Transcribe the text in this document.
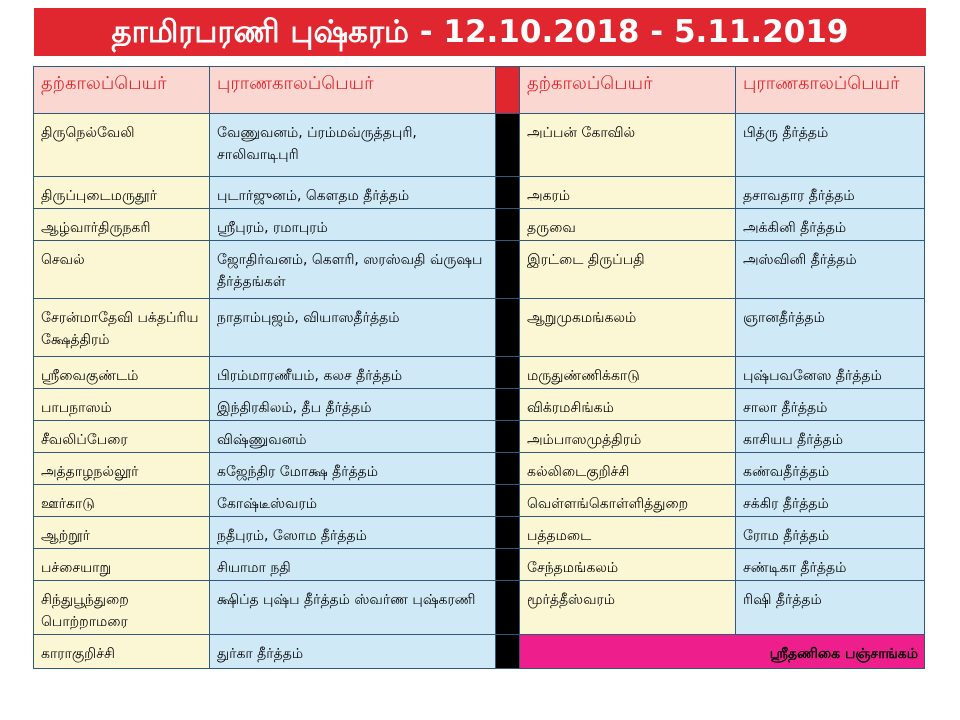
தாமிரபரணி புஷ்கரம் - 12.10.2018 - 5.11.2019
தற்காலப்பெயர்	புராணகாலப்பெயர்		தற்காலப்பெயர்	புராணகாலப்பெயர்
திருநெல்வேலி	வேணுவனம், ப்ரம்மவ்ருத்தபுரி, சாலிவாடிபுரி		அப்பன் கோவில்	பித்ரு தீர்த்தம்
திருப்புடைமருதூர்	புடார்ஜுனம், கௌதம தீர்த்தம்		அகரம்	தசாவதார தீர்த்தம்
ஆழ்வார்திருநகரி	ஸ்ரீபுரம், ரமாபுரம்		தருவை	அக்கினி தீர்த்தம்
செவல்	ஜோதிர்வனம், கௌரி, ஸரஸ்வதி வ்ருஷப தீர்த்தங்கள்		இரட்டை திருப்பதி	அஸ்வினி தீர்த்தம்
சேரன்மாதேவி பக்தப்ரிய க்ஷேத்திரம்	நாதாம்புஜம், வியாஸதீர்த்தம்		ஆறுமுகமங்கலம்	ஞானதீர்த்தம்
ஸ்ரீவைகுண்டம்	பிரம்மாரணீயம், கலச தீர்த்தம்		மருதுண்ணிக்காடு	புஷ்பவனேஸ தீர்த்தம்
பாபநாஸம்	இந்திரகிலம், தீப தீர்த்தம்		விக்ரமசிங்கம்	சாலா தீர்த்தம்
சீவலிப்பேரை	விஷ்ணுவனம்		அம்பாஸமுத்திரம்	காசியப தீர்த்தம்
அத்தாழநல்லூர்	கஜேந்திர மோக்ஷ தீர்த்தம்		கல்லிடைகுறிச்சி	கண்வதீர்த்தம்
ஊர்காடு	கோஷ்டீஸ்வரம்		வெள்ளங்கொள்ளித்துறை	சக்கிர தீர்த்தம்
ஆற்றூர்	நதீபுரம், ஸோம தீர்த்தம்		பத்தமடை	ரோம தீர்த்தம்
பச்சையாறு	சியாமா நதி		சேந்தமங்கலம்	சண்டிகா தீர்த்தம்
சிந்துபூந்துறை பொற்றாமரை	க்ஷிப்த புஷ்ப தீர்த்தம் ஸ்வர்ண புஷ்கரணி		மூர்த்தீஸ்வரம்	ரிஷி தீர்த்தம்
காராகுறிச்சி	துர்கா தீர்த்தம்		ஸ்ரீதணிகை பஞ்சாங்கம்	
